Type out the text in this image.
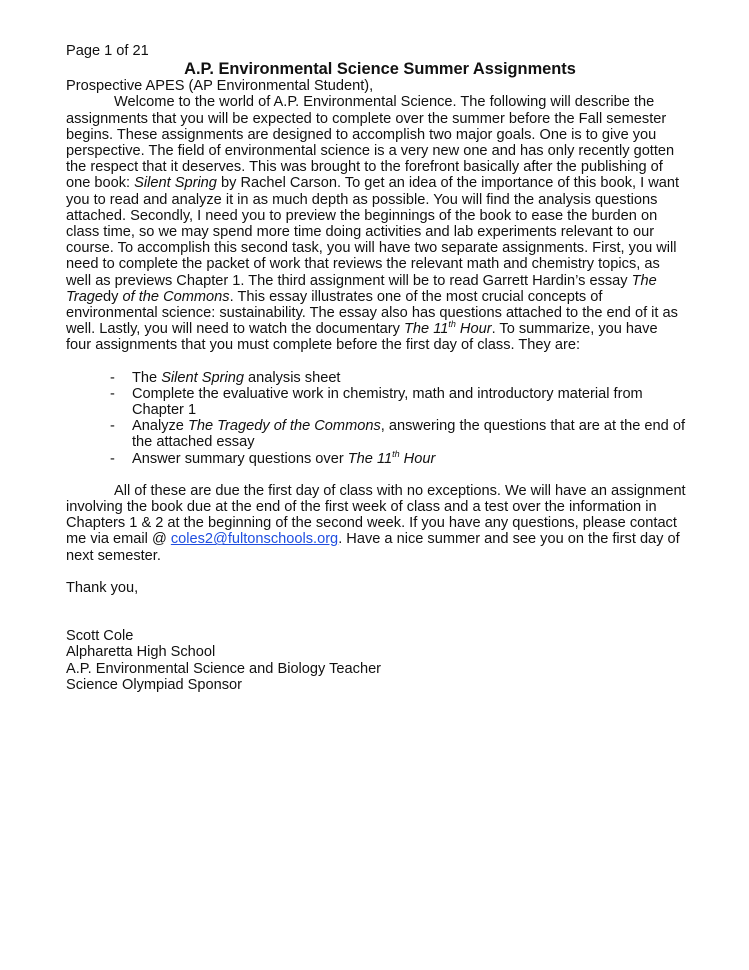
Page 1 of 21

A.P. Environmental Science Summer Assignments

Prospective APES (AP Environmental Student),

Welcome to the world of A.P. Environmental Science. The following will describe the assignments that you will be expected to complete over the summer before the Fall semester begins. These assignments are designed to accomplish two major goals. One is to give you perspective. The field of environmental science is a very new one and has only recently gotten the respect that it deserves. This was brought to the forefront basically after the publishing of one book: Silent Spring by Rachel Carson. To get an idea of the importance of this book, I want you to read and analyze it in as much depth as possible. You will find the analysis questions attached. Secondly, I need you to preview the beginnings of the book to ease the burden on class time, so we may spend more time doing activities and lab experiments relevant to our course. To accomplish this second task, you will have two separate assignments. First, you will need to complete the packet of work that reviews the relevant math and chemistry topics, as well as previews Chapter 1. The third assignment will be to read Garrett Hardin’s essay The Tragedy of the Commons. This essay illustrates one of the most crucial concepts of environmental science: sustainability. The essay also has questions attached to the end of it as well. Lastly, you will need to watch the documentary The 11th Hour. To summarize, you have four assignments that you must complete before the first day of class. They are:

- The Silent Spring analysis sheet
- Complete the evaluative work in chemistry, math and introductory material from Chapter 1
- Analyze The Tragedy of the Commons, answering the questions that are at the end of the attached essay
- Answer summary questions over The 11th Hour

All of these are due the first day of class with no exceptions. We will have an assignment involving the book due at the end of the first week of class and a test over the information in Chapters 1 & 2 at the beginning of the second week. If you have any questions, please contact me via email @ coles2@fultonschools.org. Have a nice summer and see you on the first day of next semester.

Thank you,

Scott Cole

Alpharetta High School

A.P. Environmental Science and Biology Teacher

Science Olympiad Sponsor
